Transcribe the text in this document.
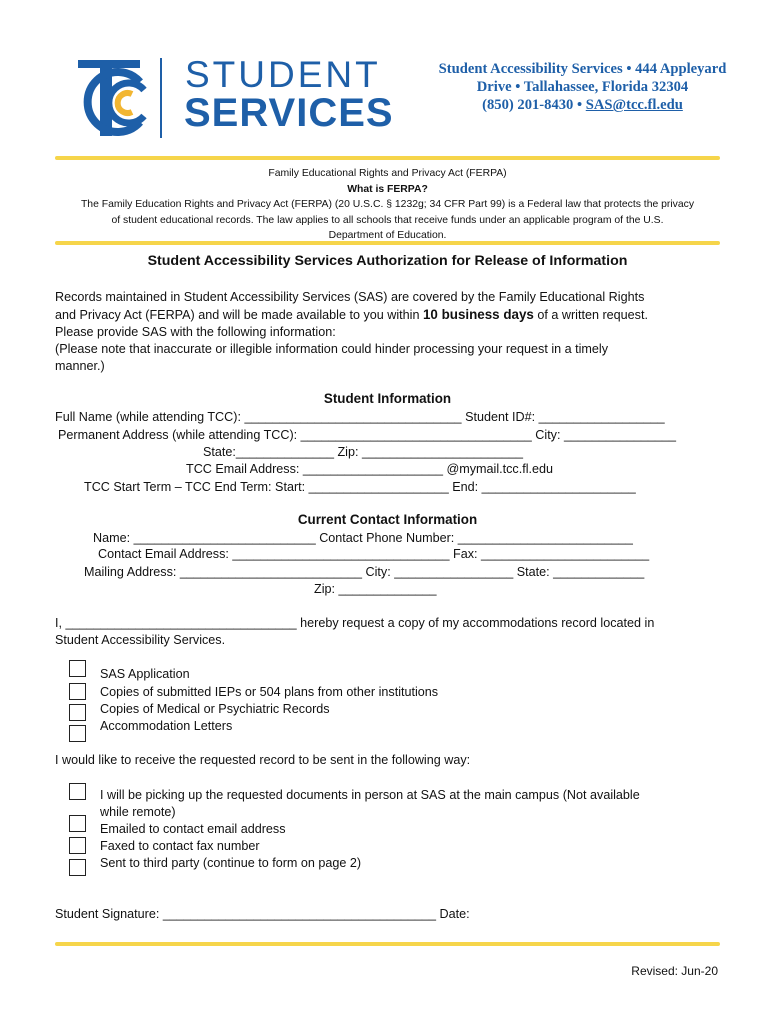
STUDENT
SERVICES
Student Accessibility Services • 444 Appleyard
Drive • Tallahassee, Florida 32304
(850) 201-8430 • SAS@tcc.fl.edu
Family Educational Rights and Privacy Act (FERPA)
What is FERPA?
The Family Education Rights and Privacy Act (FERPA) (20 U.S.C. § 1232g; 34 CFR Part 99) is a Federal law that protects the privacy
of student educational records. The law applies to all schools that receive funds under an applicable program of the U.S.
Department of Education.
Student Accessibility Services Authorization for Release of Information

Records maintained in Student Accessibility Services (SAS) are covered by the Family Educational Rights

and Privacy Act (FERPA) and will be made available to you within 10 business days of a written request.

Please provide SAS with the following information:

(Please note that inaccurate or illegible information could hinder processing your request in a timely

manner.)

Student Information
Full Name (while attending TCC): _______________________________ Student ID#: __________________
Permanent Address (while attending TCC): _________________________________ City: ________________
State:______________ Zip: _______________________
TCC Email Address: ____________________ @mymail.tcc.fl.edu
TCC Start Term – TCC End Term: Start: ____________________ End: ______________________
Current Contact Information
Name: __________________________ Contact Phone Number: _________________________
Contact Email Address: _______________________________ Fax: ________________________
Mailing Address: __________________________ City: _________________ State: _____________
Zip: ______________
I, _________________________________ hereby request a copy of my accommodations record located in
Student Accessibility Services.
SAS Application
Copies of submitted IEPs or 504 plans from other institutions
Copies of Medical or Psychiatric Records
Accommodation Letters
I would like to receive the requested record to be sent in the following way:
I will be picking up the requested documents in person at SAS at the main campus (Not available
while remote)
Emailed to contact email address
Faxed to contact fax number
Sent to third party (continue to form on page 2)
Student Signature: _______________________________________ Date:
Revised: Jun-20
